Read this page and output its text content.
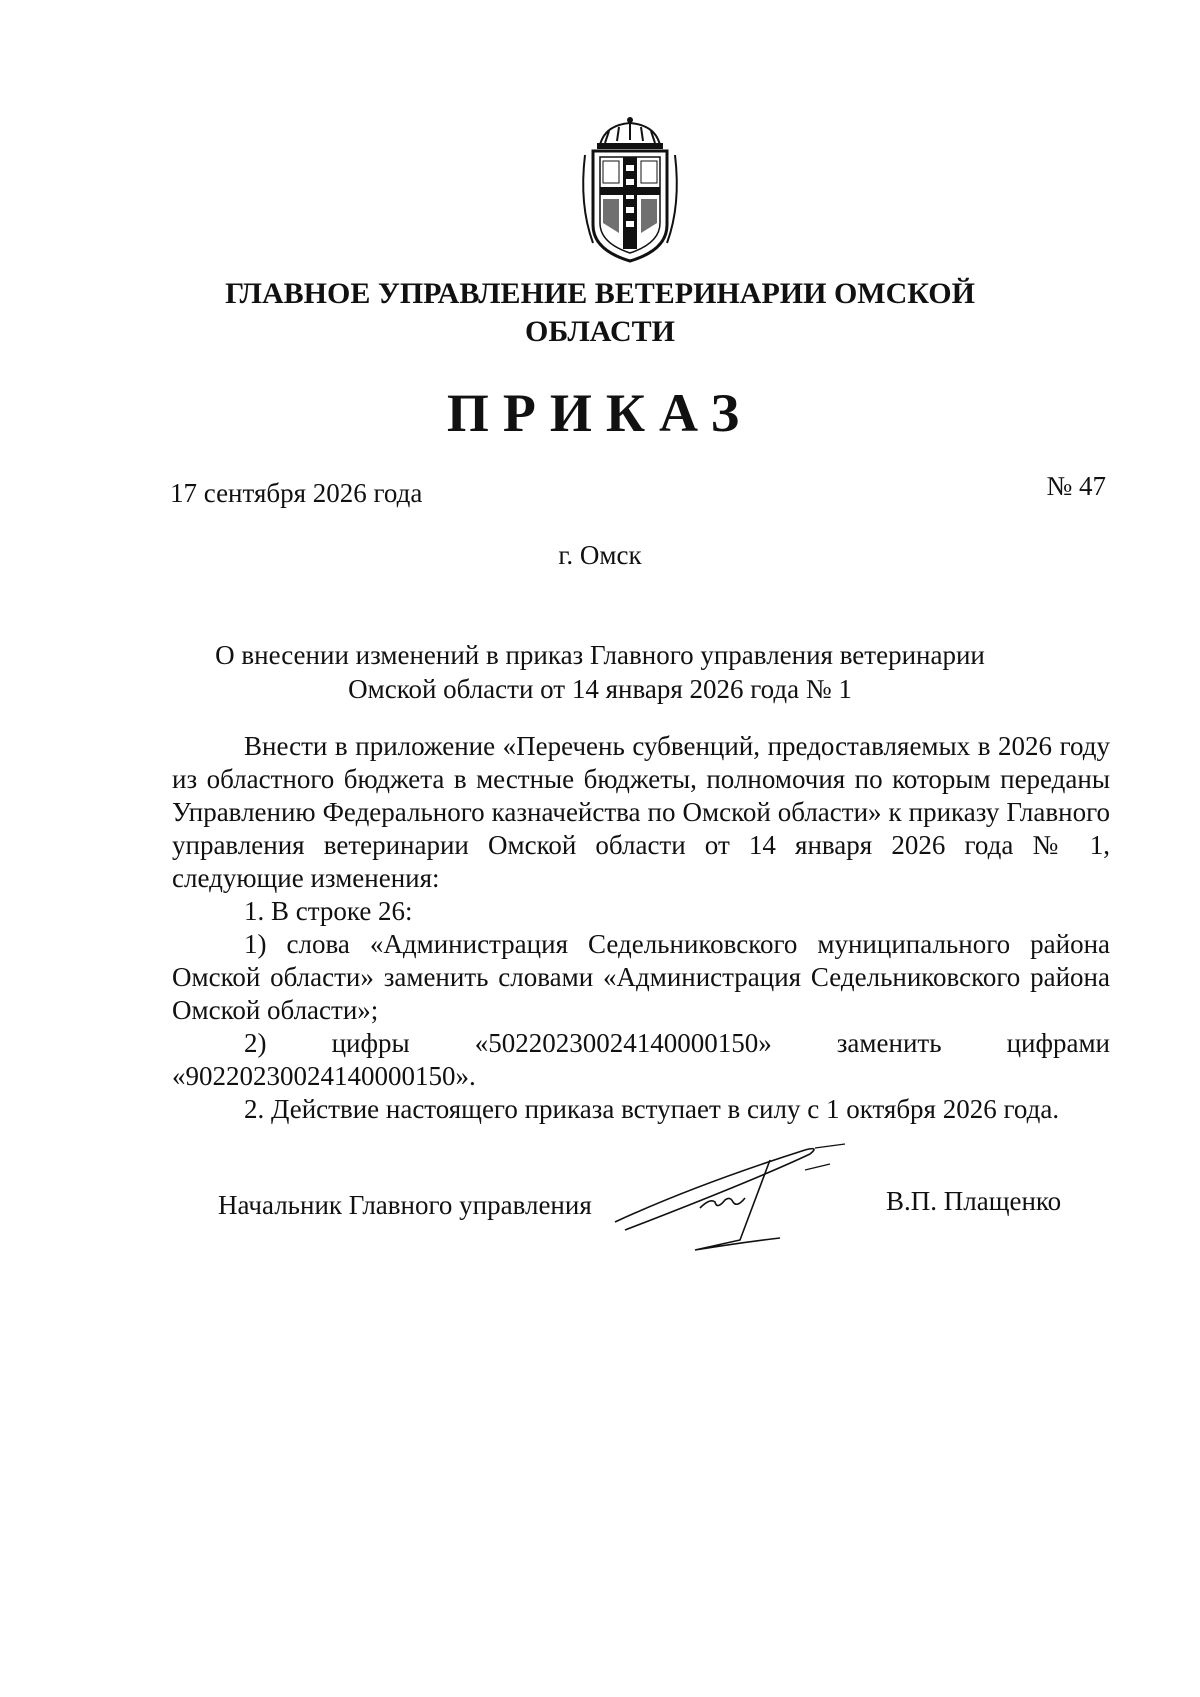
ГЛАВНОЕ УПРАВЛЕНИЕ ВЕТЕРИНАРИИ ОМСКОЙ
ОБЛАСТИ
ПРИКАЗ
17 сентября 2026 года	№ 47
г. Омск
О внесении изменений в приказ Главного управления ветеринарии
Омской области от 14 января 2026 года № 1

Внести в приложение «Перечень субвенций, предоставляемых в 2026 году из областного бюджета в местные бюджеты, полномочия по которым переданы Управлению Федерального казначейства по Омской области» к приказу Главного управления ветеринарии Омской области от 14 января 2026 года № 1, следующие изменения:

1. В строке 26:

1) слова «Администрация Седельниковского муниципального района Омской области» заменить словами «Администрация Седельниковского района Омской области»;

2) цифры «50220230024140000150» заменить цифрами

«90220230024140000150».

2. Действие настоящего приказа вступает в силу с 1 октября 2026 года.

Начальник Главного управления	В.П. Плащенко
